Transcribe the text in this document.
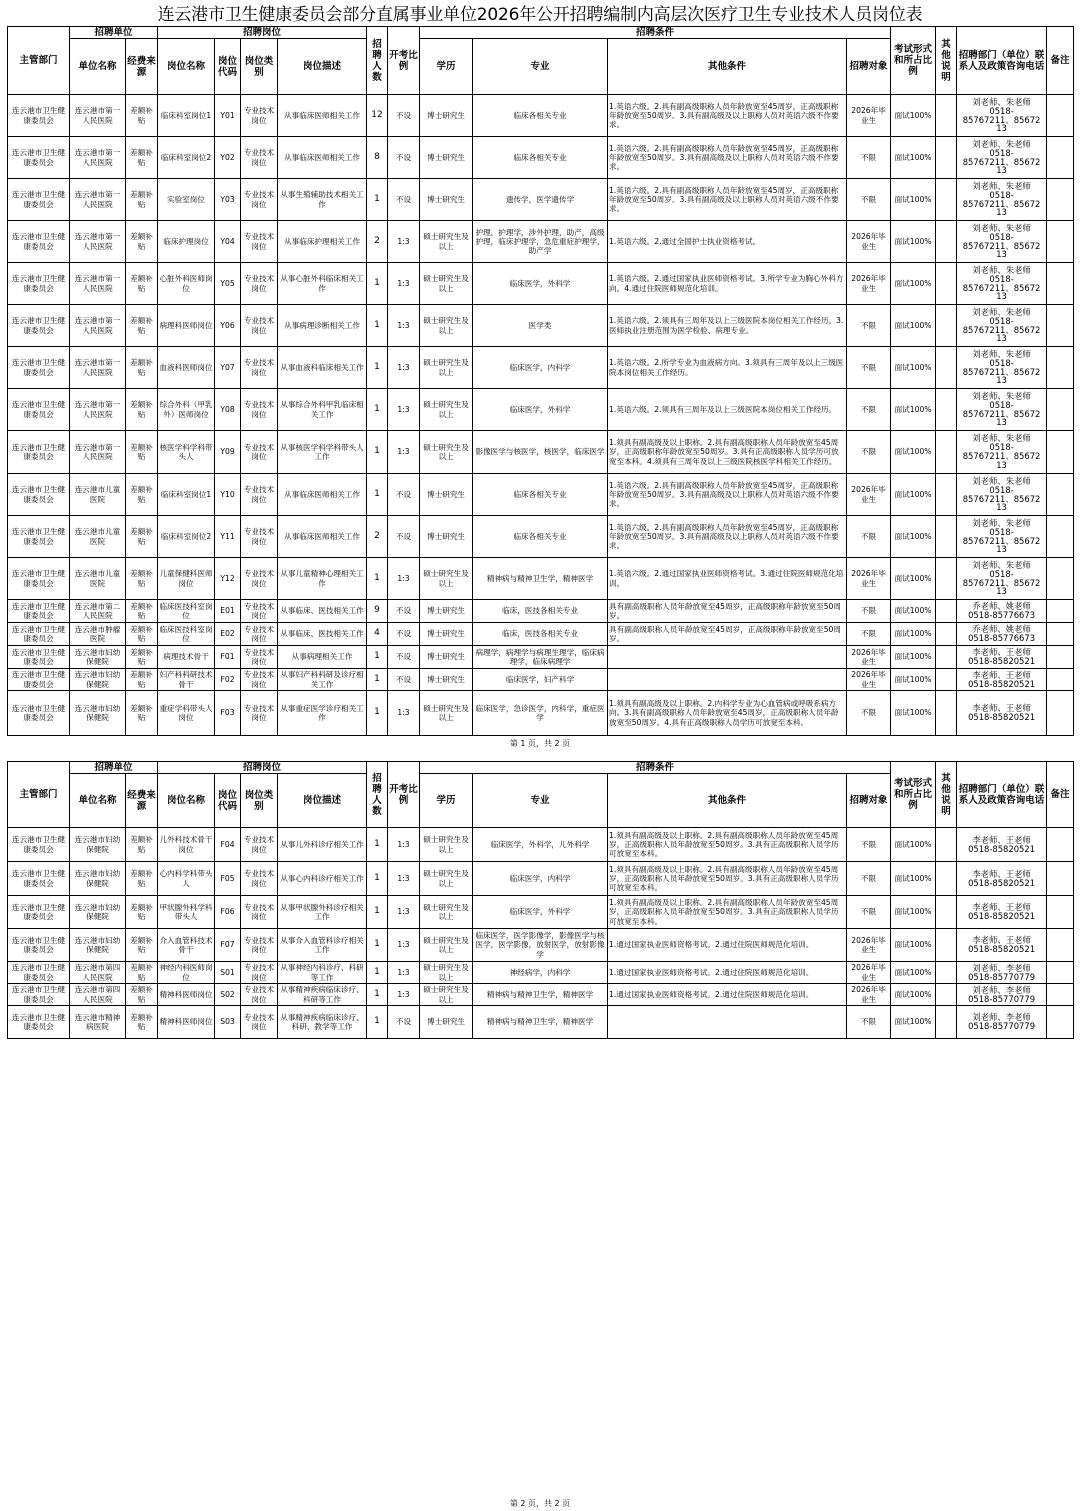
连云港市卫生健康委员会部分直属事业单位2026年公开招聘编制内高层次医疗卫生专业技术人员岗位表
主管部门	招聘单位		招聘岗位				招聘人数	开考比例	招聘条件				考试形式和所占比例	其他说明	招聘部门（单位）联系人及政策咨询电话	备注
	单位名称	经费来源	岗位名称	岗位代码	岗位类别	岗位描述			学历	专业	其他条件	招聘对象				
连云港市卫生健康委员会	连云港市第一人民医院	差额补贴	临床科室岗位1	Y01	专业技术岗位	从事临床医师相关工作	12	不设	博士研究生	临床各相关专业	1.英语六级。2.具有副高级职称人员年龄放宽至45周岁，正高级职称年龄放宽至50周岁。3.具有副高级及以上职称人员对英语六级不作要求。	2026年毕业生	面试100%		刘老师、朱老师
0518-
85767211、85672
13	
连云港市卫生健康委员会	连云港市第一人民医院	差额补贴	临床科室岗位2	Y02	专业技术岗位	从事临床医师相关工作	8	不设	博士研究生	临床各相关专业	1.英语六级。2.具有副高级职称人员年龄放宽至45周岁，正高级职称年龄放宽至50周岁。3.具有副高级及以上职称人员对英语六级不作要求。	不限	面试100%		刘老师、朱老师
0518-
85767211、85672
13	
连云港市卫生健康委员会	连云港市第一人民医院	差额补贴	实验室岗位	Y03	专业技术岗位	从事生殖辅助技术相关工作	1	不设	博士研究生	遗传学，医学遗传学	1.英语六级。2.具有副高级职称人员年龄放宽至45周岁，正高级职称年龄放宽至50周岁。3.具有副高级及以上职称人员对英语六级不作要求。	不限	面试100%		刘老师、朱老师
0518-
85767211、85672
13	
连云港市卫生健康委员会	连云港市第一人民医院	差额补贴	临床护理岗位	Y04	专业技术岗位	从事临床护理相关工作	2	1:3	硕士研究生及以上	护理，护理学，涉外护理，助产，高级护理，临床护理学，急危重症护理学，助产学	1.英语六级。2.通过全国护士执业资格考试。	2026年毕业生	面试100%		刘老师、朱老师
0518-
85767211、85672
13	
连云港市卫生健康委员会	连云港市第一人民医院	差额补贴	心脏外科医师岗位	Y05	专业技术岗位	从事心脏外科临床相关工作	1	1:3	硕士研究生及以上	临床医学，外科学	1.英语六级。2.通过国家执业医师资格考试。3.所学专业为胸心外科方向。4.通过住院医师规范化培训。	2026年毕业生	面试100%		刘老师、朱老师
0518-
85767211、85672
13	
连云港市卫生健康委员会	连云港市第一人民医院	差额补贴	病理科医师岗位	Y06	专业技术岗位	从事病理诊断相关工作	1	1:3	硕士研究生及以上	医学类	1.英语六级。2.须具有三周年及以上三级医院本岗位相关工作经历。3.医师执业注册范围为医学检验、病理专业。	不限	面试100%		刘老师、朱老师
0518-
85767211、85672
13	
连云港市卫生健康委员会	连云港市第一人民医院	差额补贴	血液科医师岗位	Y07	专业技术岗位	从事血液科临床相关工作	1	1:3	硕士研究生及以上	临床医学，内科学	1.英语六级。2.所学专业为血液病方向。3.须具有三周年及以上三级医院本岗位相关工作经历。	不限	面试100%		刘老师、朱老师
0518-
85767211、85672
13	
连云港市卫生健康委员会	连云港市第一人民医院	差额补贴	综合外科（甲乳外）医师岗位	Y08	专业技术岗位	从事综合外科甲乳临床相关工作	1	1:3	硕士研究生及以上	临床医学，外科学	1.英语六级。2.须具有三周年及以上三级医院本岗位相关工作经历。	不限	面试100%		刘老师、朱老师
0518-
85767211、85672
13	
连云港市卫生健康委员会	连云港市第一人民医院	差额补贴	核医学科学科带头人	Y09	专业技术岗位	从事核医学科学科带头人工作	1	1:3	硕士研究生及以上	影像医学与核医学，核医学，临床医学	1.须具有副高级及以上职称。2.具有副高级职称人员年龄放宽至45周岁，正高级职称年龄放宽至50周岁。3.具有正高级职称人员学历可放宽至本科。4.须具有三周年及以上三级医院核医学科相关工作经历。	不限	面试100%		刘老师、朱老师
0518-
85767211、85672
13	
连云港市卫生健康委员会	连云港市儿童医院	差额补贴	临床科室岗位1	Y10	专业技术岗位	从事临床医师相关工作	1	不设	博士研究生	临床各相关专业	1.英语六级。2.具有副高级职称人员年龄放宽至45周岁，正高级职称年龄放宽至50周岁。3.具有副高级及以上职称人员对英语六级不作要求。	2026年毕业生	面试100%		刘老师、朱老师
0518-
85767211、85672
13	
连云港市卫生健康委员会	连云港市儿童医院	差额补贴	临床科室岗位2	Y11	专业技术岗位	从事临床医师相关工作	2	不设	博士研究生	临床各相关专业	1.英语六级。2.具有副高级职称人员年龄放宽至45周岁，正高级职称年龄放宽至50周岁。3.具有副高级及以上职称人员对英语六级不作要求。	不限	面试100%		刘老师、朱老师
0518-
85767211、85672
13	
连云港市卫生健康委员会	连云港市儿童医院	差额补贴	儿童保健科医师岗位	Y12	专业技术岗位	从事儿童精神心理相关工作	1	1:3	硕士研究生及以上	精神病与精神卫生学，精神医学	1.英语六级。2.通过国家执业医师资格考试。3.通过住院医师规范化培训。	2026年毕业生	面试100%		刘老师、朱老师
0518-
85767211、85672
13	
连云港市卫生健康委员会	连云港市第二人民医院	差额补贴	临床医技科室岗位	E01	专业技术岗位	从事临床、医技相关工作	9	不设	博士研究生	临床，医技各相关专业	具有副高级职称人员年龄放宽至45周岁，正高级职称年龄放宽至50周岁。	不限	面试100%		乔老师、姚老师
0518-85776673	
连云港市卫生健康委员会	连云港市肿瘤医院	差额补贴	临床医技科室岗位	E02	专业技术岗位	从事临床、医技相关工作	4	不设	博士研究生	临床，医技各相关专业	具有副高级职称人员年龄放宽至45周岁，正高级职称年龄放宽至50周岁。	不限	面试100%		乔老师、姚老师
0518-85776673	
连云港市卫生健康委员会	连云港市妇幼保健院	差额补贴	病理技术骨干	F01	专业技术岗位	从事病理相关工作	1	不设	博士研究生	病理学，病理学与病理生理学，临床病理学，临床病理学		2026年毕业生	面试100%		李老师、王老师
0518-85820521	
连云港市卫生健康委员会	连云港市妇幼保健院	差额补贴	妇产科科研技术骨干	F02	专业技术岗位	从事妇产科科研及诊疗相关工作	1	不设	博士研究生	临床医学，妇产科学		2026年毕业生	面试100%		李老师、王老师
0518-85820521	
连云港市卫生健康委员会	连云港市妇幼保健院	差额补贴	重症学科带头人岗位	F03	专业技术岗位	从事重症医学诊疗相关工作	1	1:3	硕士研究生及以上	临床医学，急诊医学，内科学，重症医学	1.须具有副高级及以上职称。2.内科学专业为心血管病或呼吸系病方向。3.具有副高级职称人员年龄放宽至45周岁，正高级职称人员年龄放宽至50周岁。4.具有正高级职称人员学历可放宽至本科。	不限	面试100%		李老师、王老师
0518-85820521	
第 1 页，共 2 页
主管部门	招聘单位		招聘岗位				招聘人数	开考比例	招聘条件				考试形式和所占比例	其他说明	招聘部门（单位）联系人及政策咨询电话	备注
	单位名称	经费来源	岗位名称	岗位代码	岗位类别	岗位描述			学历	专业	其他条件	招聘对象				
连云港市卫生健康委员会	连云港市妇幼保健院	差额补贴	儿外科技术骨干岗位	F04	专业技术岗位	从事儿外科诊疗相关工作	1	1:3	硕士研究生及以上	临床医学，外科学，儿外科学	1.须具有副高级及以上职称。2.具有副高级职称人员年龄放宽至45周岁，正高级职称人员年龄放宽至50周岁。3.具有正高级职称人员学历可放宽至本科。	不限	面试100%		李老师、王老师
0518-85820521	
连云港市卫生健康委员会	连云港市妇幼保健院	差额补贴	心内科学科带头人	F05	专业技术岗位	从事心内科诊疗相关工作	1	1:3	硕士研究生及以上	临床医学，内科学	1.须具有副高级及以上职称。2.具有副高级职称人员年龄放宽至45周岁，正高级职称人员年龄放宽至50周岁。3.具有正高级职称人员学历可放宽至本科。	不限	面试100%		李老师、王老师
0518-85820521	
连云港市卫生健康委员会	连云港市妇幼保健院	差额补贴	甲状腺外科学科带头人	F06	专业技术岗位	从事甲状腺外科诊疗相关工作	1	1:3	硕士研究生及以上	临床医学，外科学	1.须具有副高级及以上职称。2.具有副高级职称人员年龄放宽至45周岁，正高级职称人员年龄放宽至50周岁。3.具有正高级职称人员学历可放宽至本科。	不限	面试100%		李老师、王老师
0518-85820521	
连云港市卫生健康委员会	连云港市妇幼保健院	差额补贴	介入血管科技术骨干	F07	专业技术岗位	从事介入血管科诊疗相关工作	1	1:3	硕士研究生及以上	临床医学，医学影像学，影像医学与核医学，医学影像，放射医学，放射影像学	1.通过国家执业医师资格考试。2.通过住院医师规范化培训。	2026年毕业生	面试100%		李老师、王老师
0518-85820521	
连云港市卫生健康委员会	连云港市第四人民医院	差额补贴	神经内科医师岗位	S01	专业技术岗位	从事神经内科诊疗、科研等工作	1	1:3	硕士研究生及以上	神经病学，内科学	1.通过国家执业医师资格考试。2.通过住院医师规范化培训。	2026年毕业生	面试100%		刘老师、李老师
0518-85770779	
连云港市卫生健康委员会	连云港市第四人民医院	差额补贴	精神科医师岗位	S02	专业技术岗位	从事精神疾病临床诊疗、科研等工作	1	1:3	硕士研究生及以上	精神病与精神卫生学，精神医学	1.通过国家执业医师资格考试。2.通过住院医师规范化培训。	2026年毕业生	面试100%		刘老师、李老师
0518-85770779	
连云港市卫生健康委员会	连云港市精神病医院	差额补贴	精神科医师岗位	S03	专业技术岗位	从事精神疾病临床诊疗、科研、教学等工作	1	不设	博士研究生	精神病与精神卫生学，精神医学		不限	面试100%		刘老师、李老师
0518-85770779	
第 2 页，共 2 页
